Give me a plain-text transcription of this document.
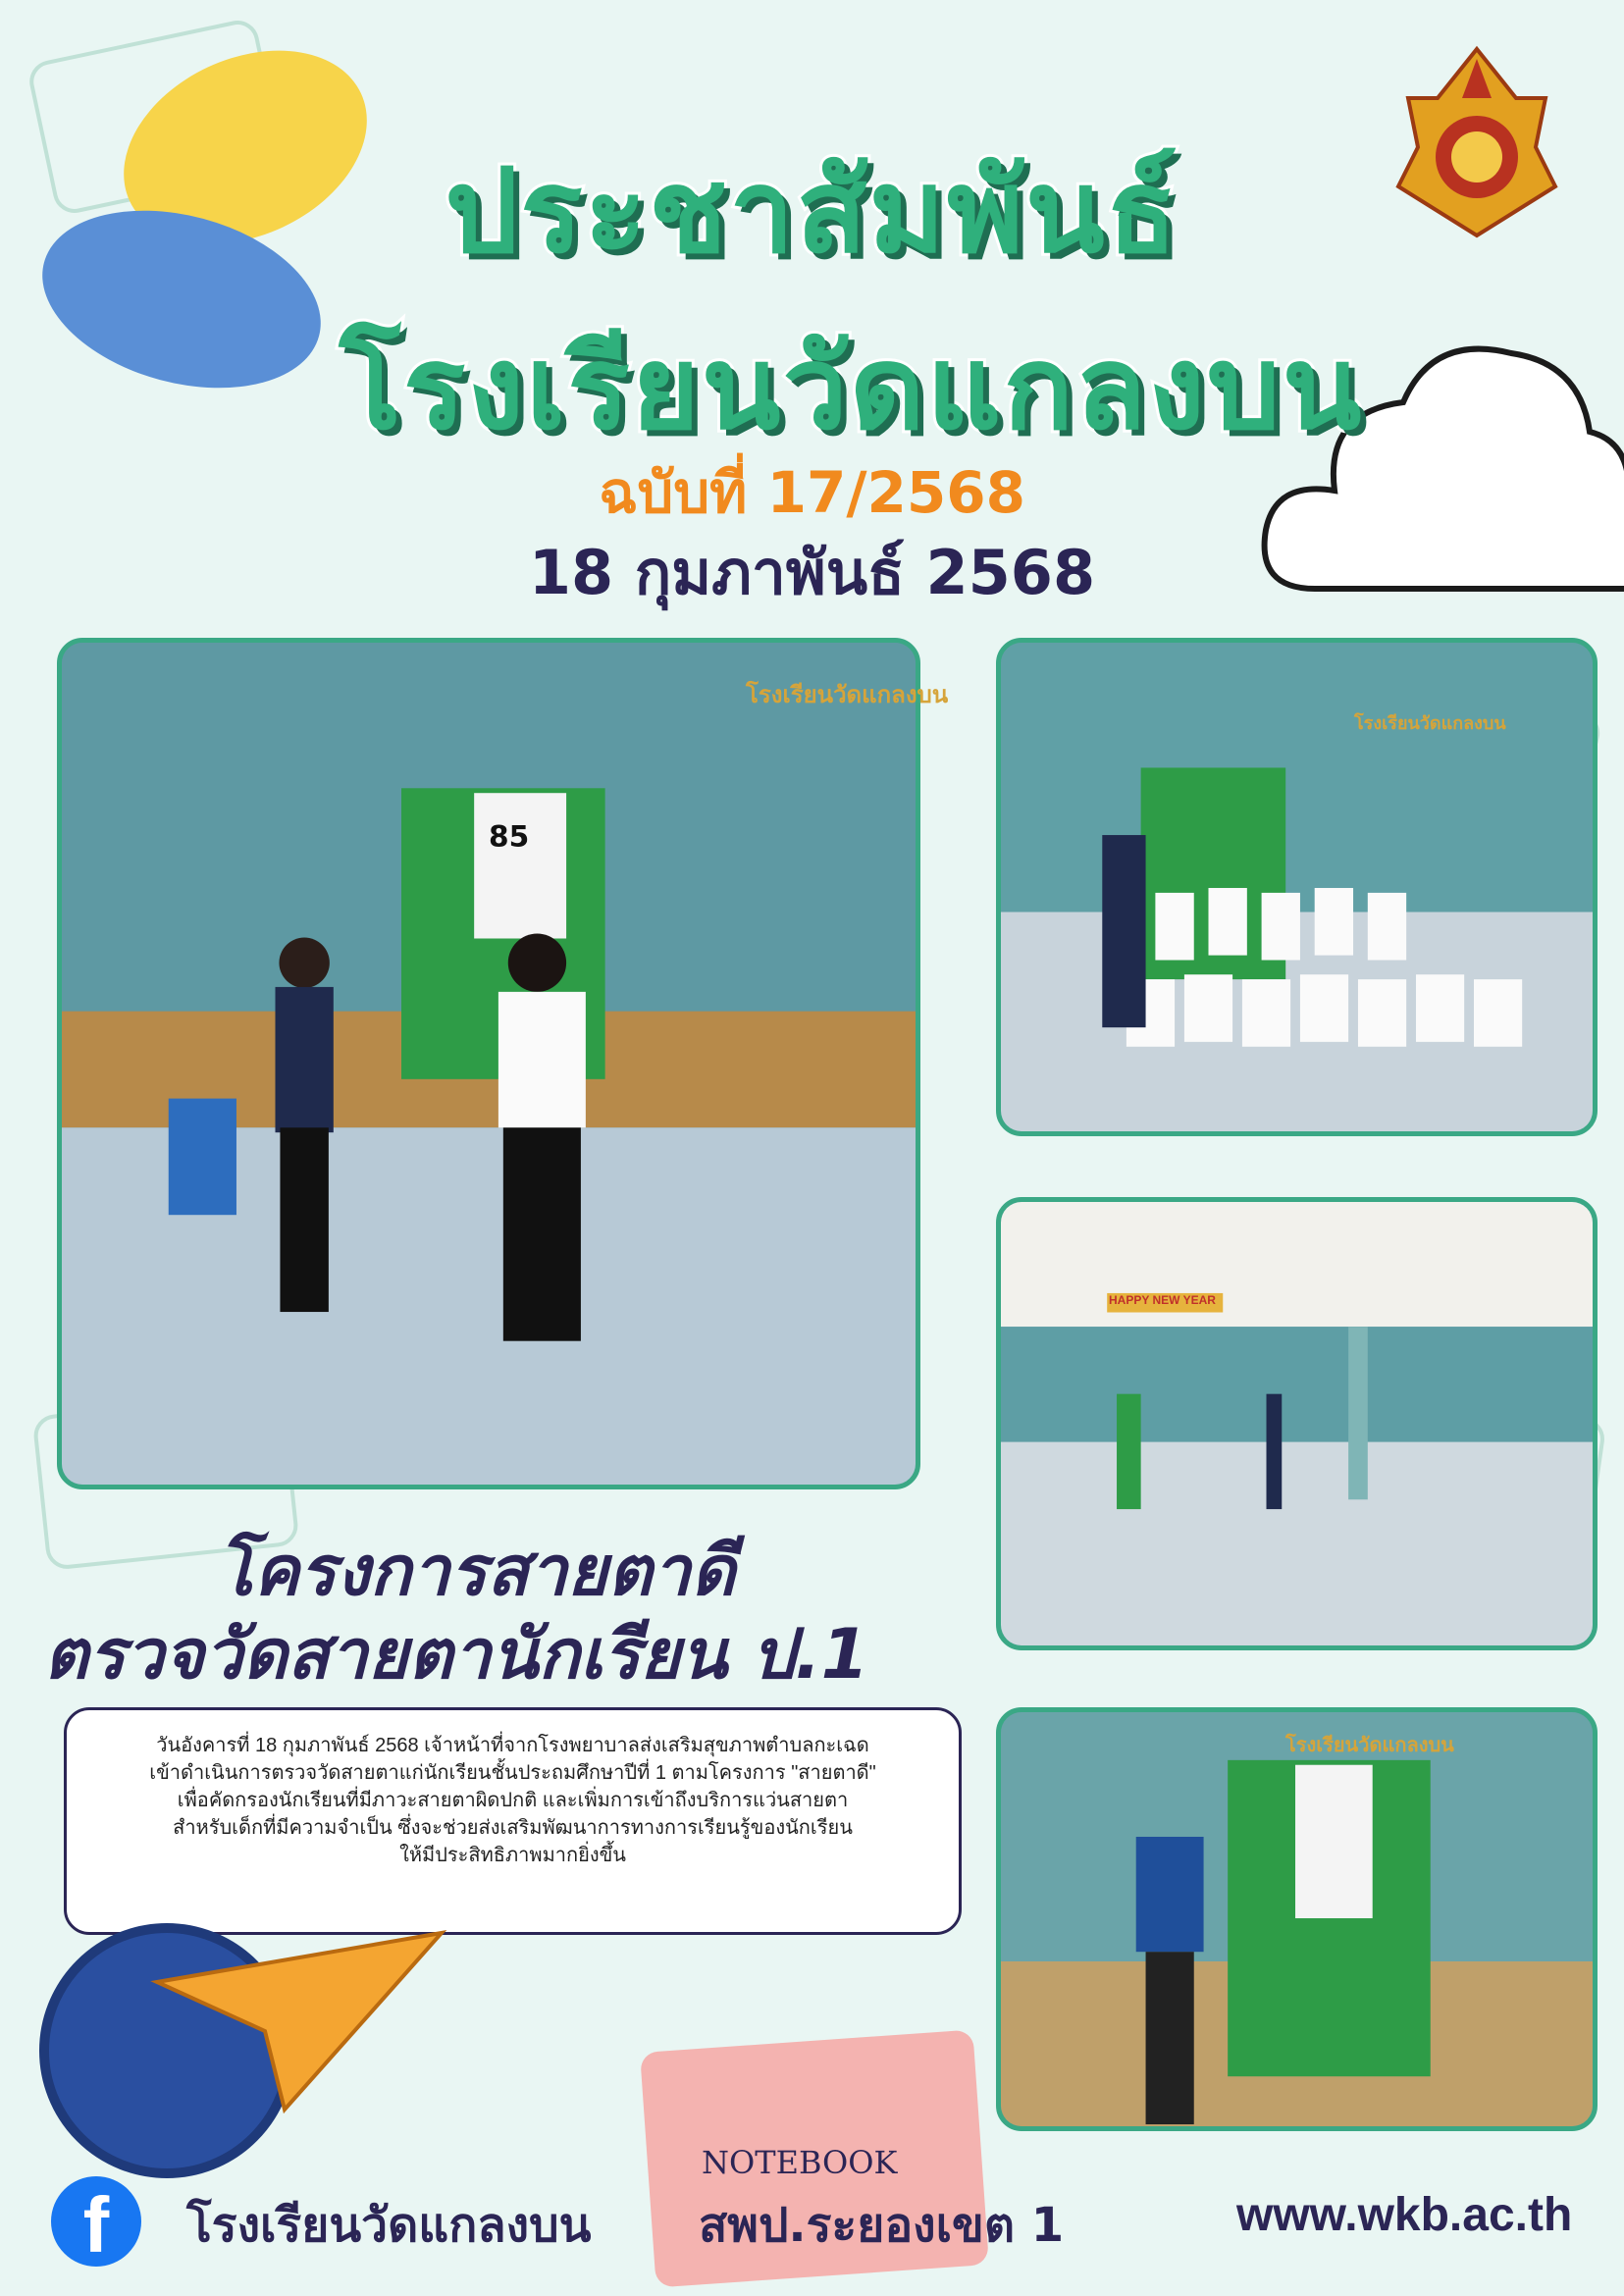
ประชาสัมพันธ์
โรงเรียนวัดแกลงบน
ฉบับที่ 17/2568
18 กุมภาพันธ์ 2568
85
โรงเรียนวัดแกลงบน
โรงเรียนวัดแกลงบน
HAPPY NEW YEAR
โรงเรียนวัดแกลงบน
โครงการสายตาดี
ตรวจวัดสายตานักเรียน ป.1
วันอังคารที่ 18 กุมภาพันธ์ 2568 เจ้าหน้าที่จากโรงพยาบาลส่งเสริมสุขภาพตำบลกะเฉด
เข้าดำเนินการตรวจวัดสายตาแก่นักเรียนชั้นประถมศึกษาปีที่ 1 ตามโครงการ "สายตาดี"
เพื่อคัดกรองนักเรียนที่มีภาวะสายตาผิดปกติ และเพิ่มการเข้าถึงบริการแว่นสายตา
สำหรับเด็กที่มีความจำเป็น ซึ่งจะช่วยส่งเสริมพัฒนาการทางการเรียนรู้ของนักเรียน
ให้มีประสิทธิภาพมากยิ่งขึ้น
NOTEBOOK
f	โรงเรียนวัดแกลงบน สพป.ระยองเขต 1	www.wkb.ac.th
